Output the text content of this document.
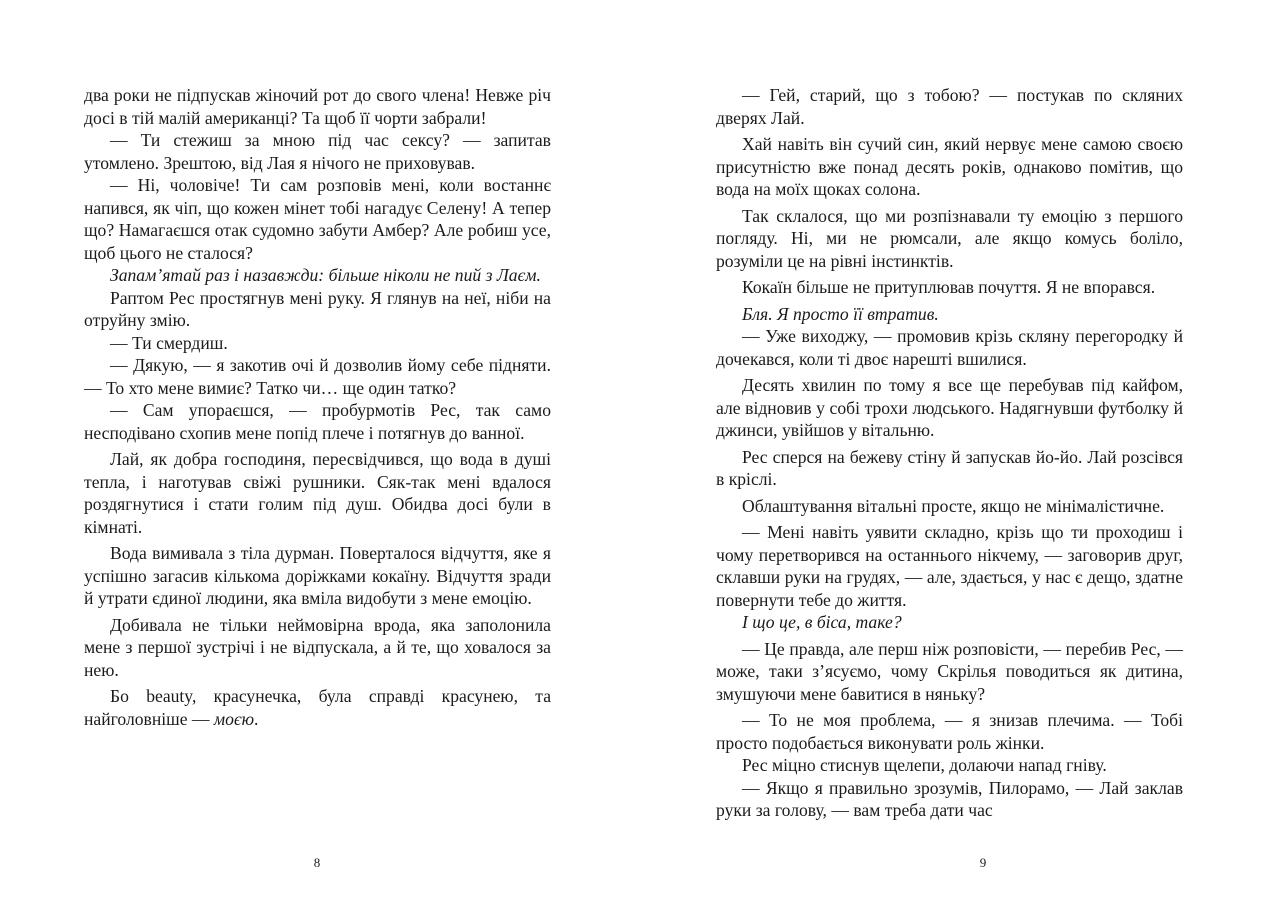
два роки не підпускав жіночий рот до свого члена! Невже річ досі в тій малій американці? Та щоб її чорти забрали!

— Ти стежиш за мною під час сексу? — запитав утомлено. Зрештою, від Лая я нічого не приховував.

— Ні, чоловіче! Ти сам розповів мені, коли востаннє напився, як чіп, що кожен мінет тобі нагадує Селену! А тепер що? Намагаєшся отак судомно забути Амбер? Але робиш усе, щоб цього не сталося?

Запам’ятай раз і назавжди: більше ніколи не пий з Лаєм.

Раптом Рес простягнув мені руку. Я глянув на неї, ніби на отруйну змію.

— Ти смердиш.

— Дякую, — я закотив очі й дозволив йому себе підняти. — То хто мене вимиє? Татко чи… ще один татко?

— Сам упораєшся, — пробурмотів Рес, так само несподівано схопив мене попід плече і потягнув до ванної.

Лай, як добра господиня, пересвідчився, що вода в душі тепла, і наготував свіжі рушники. Сяк-так мені вдалося роздягнутися і стати голим під душ. Обидва досі були в кімнаті.

Вода вимивала з тіла дурман. Поверталося відчуття, яке я успішно загасив кількома доріжками кокаїну. Відчуття зради й утрати єдиної людини, яка вміла видобути з мене емоцію.

Добивала не тільки неймовірна врода, яка заполонила мене з першої зустрічі і не відпускала, а й те, що ховалося за нею.

Бо beauty, красунечка, була справді красунею, та найголовніше — моєю.

8

— Гей, старий, що з тобою? — постукав по скляних дверях Лай.

Хай навіть він сучий син, який нервує мене самою своєю присутністю вже понад десять років, однаково помітив, що вода на моїх щоках солона.

Так склалося, що ми розпізнавали ту емоцію з першого погляду. Ні, ми не рюмсали, але якщо комусь боліло, розуміли це на рівні інстинктів.

Кокаїн більше не притуплював почуття. Я не впорався.

Бля. Я просто її втратив.

— Уже виходжу, — промовив крізь скляну перегородку й дочекався, коли ті двоє нарешті вшилися.

Десять хвилин по тому я все ще перебував під кайфом, але відновив у собі трохи людського. Надягнувши футболку й джинси, увійшов у вітальню.

Рес сперся на бежеву стіну й запускав йо-йо. Лай розсівся в кріслі.

Облаштування вітальні просте, якщо не мінімалістичне.

— Мені навіть уявити складно, крізь що ти проходиш і чому перетворився на останнього нікчему, — заговорив друг, склавши руки на грудях, — але, здається, у нас є дещо, здатне повернути тебе до життя.

І що це, в біса, таке?

— Це правда, але перш ніж розповісти, — перебив Рес, — може, таки з’ясуємо, чому Скрілья поводиться як дитина, змушуючи мене бавитися в няньку?

— То не моя проблема, — я знизав плечима. — Тобі просто подобається виконувати роль жінки.

Рес міцно стиснув щелепи, долаючи напад гніву.

— Якщо я правильно зрозумів, Пилорамо, — Лай заклав руки за голову, — вам треба дати час

9
